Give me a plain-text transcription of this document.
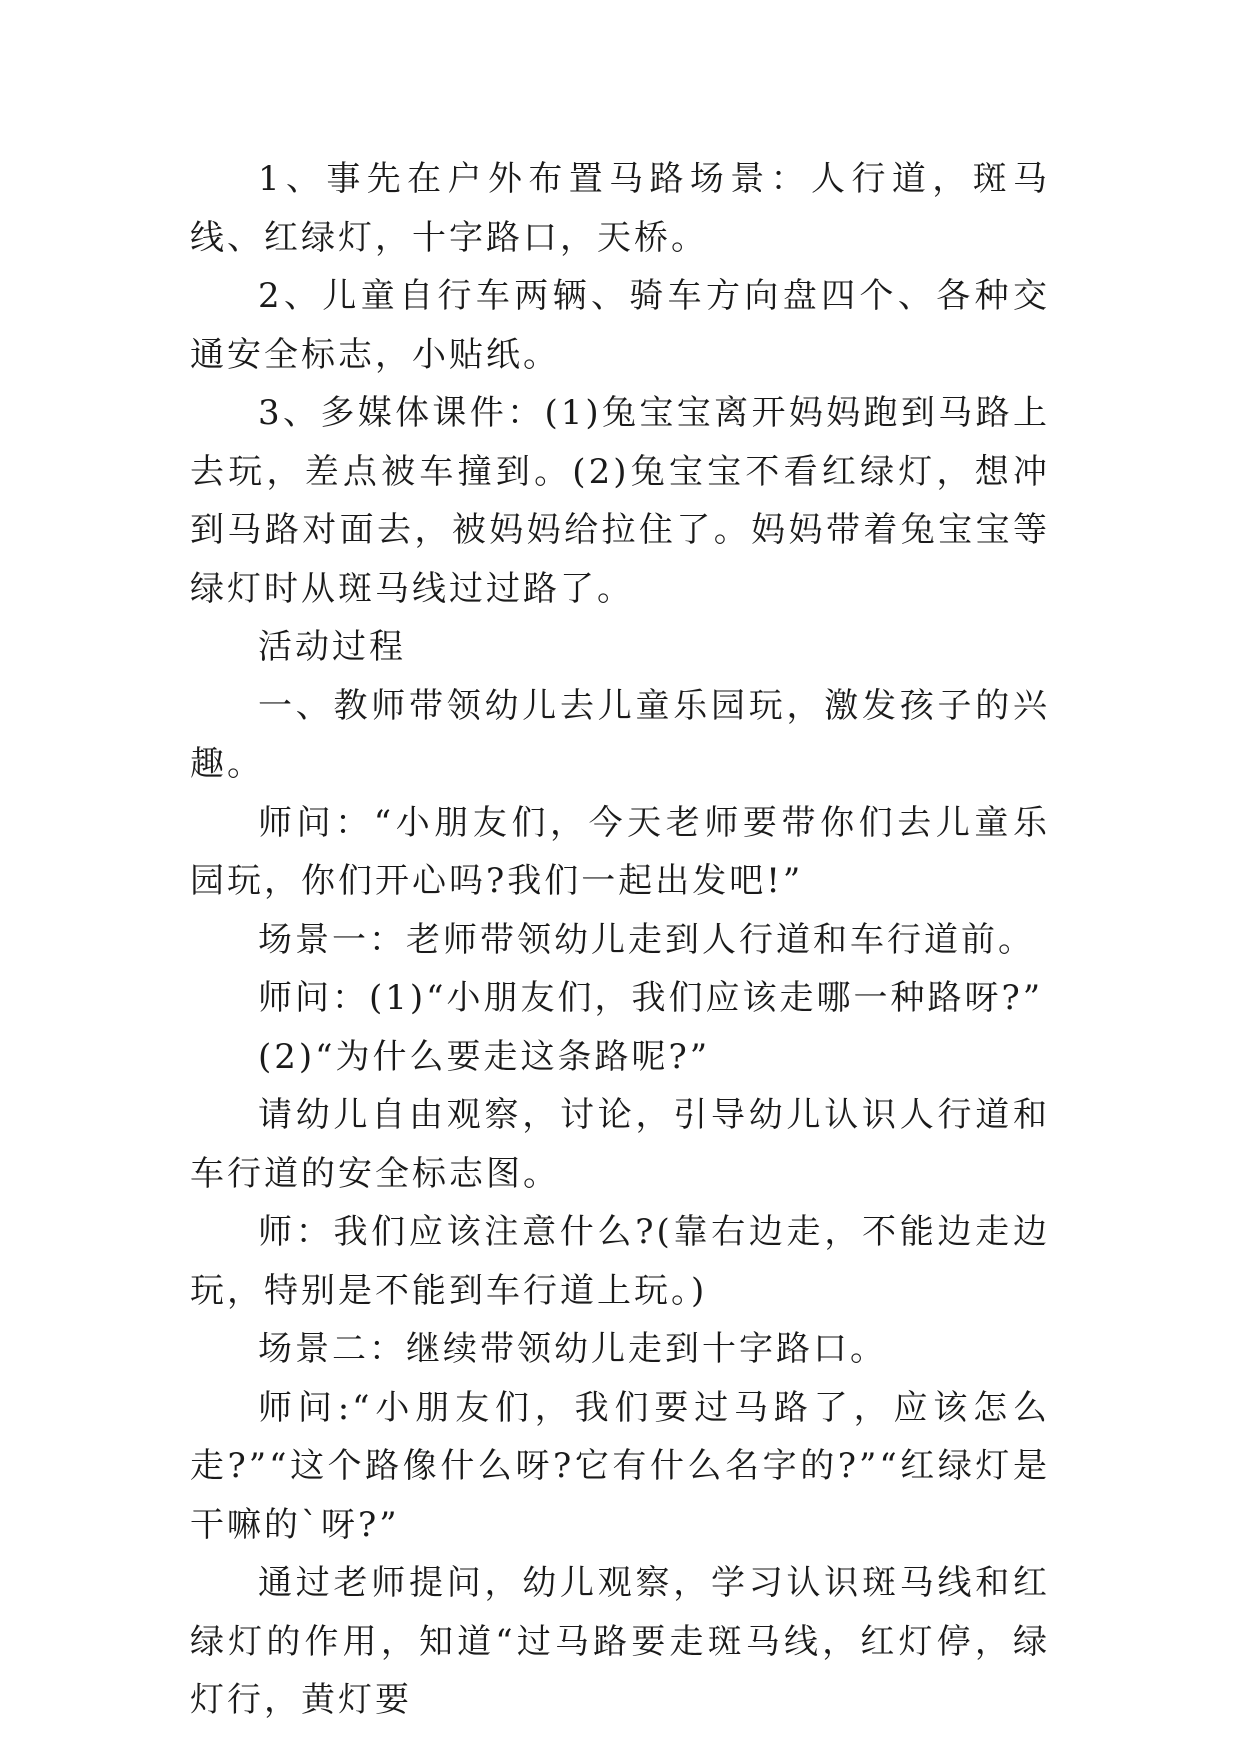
1、事先在户外布置马路场景：人行道，斑马线、红绿灯，十字路口，天桥。

2、儿童自行车两辆、骑车方向盘四个、各种交通安全标志，小贴纸。

3、多媒体课件：(1)兔宝宝离开妈妈跑到马路上去玩，差点被车撞到。(2)兔宝宝不看红绿灯，想冲到马路对面去，被妈妈给拉住了。妈妈带着兔宝宝等绿灯时从斑马线过过路了。

活动过程

一、教师带领幼儿去儿童乐园玩，激发孩子的兴趣。

师问：“小朋友们，今天老师要带你们去儿童乐园玩，你们开心吗?我们一起出发吧!”

场景一：老师带领幼儿走到人行道和车行道前。

师问：(1)“小朋友们，我们应该走哪一种路呀?”

(2)“为什么要走这条路呢?”

请幼儿自由观察，讨论，引导幼儿认识人行道和车行道的安全标志图。

师：我们应该注意什么?(靠右边走，不能边走边玩，特别是不能到车行道上玩。)

场景二：继续带领幼儿走到十字路口。

师问:“小朋友们，我们要过马路了，应该怎么走?”“这个路像什么呀?它有什么名字的?”“红绿灯是干嘛的`呀?”

通过老师提问，幼儿观察，学习认识斑马线和红绿灯的作用，知道“过马路要走斑马线，红灯停，绿灯行，黄灯要
